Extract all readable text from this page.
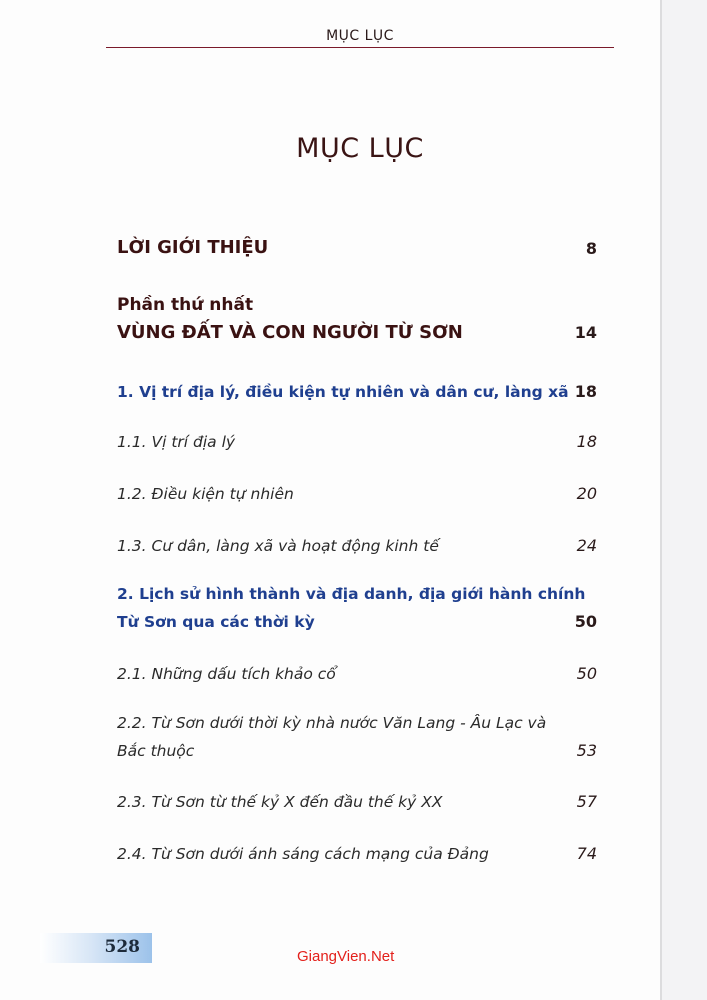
MỤC LỤC
MỤC LỤC
LỜI GIỚI THIỆU	8
Phần thứ nhất
VÙNG ĐẤT VÀ CON NGƯỜI TỪ SƠN	14
1. Vị trí địa lý, điều kiện tự nhiên và dân cư, làng xã 18
1.1. Vị trí địa lý	18
1.2. Điều kiện tự nhiên	20
1.3. Cư dân, làng xã và hoạt động kinh tế	24
2. Lịch sử hình thành và địa danh, địa giới hành chính
Từ Sơn qua các thời kỳ	50
2.1. Những dấu tích khảo cổ	50
2.2. Từ Sơn dưới thời kỳ nhà nước Văn Lang - Âu Lạc và
Bắc thuộc	53
2.3. Từ Sơn từ thế kỷ X đến đầu thế kỷ XX	57
2.4. Từ Sơn dưới ánh sáng cách mạng của Đảng	74
528	GiangVien.Net
